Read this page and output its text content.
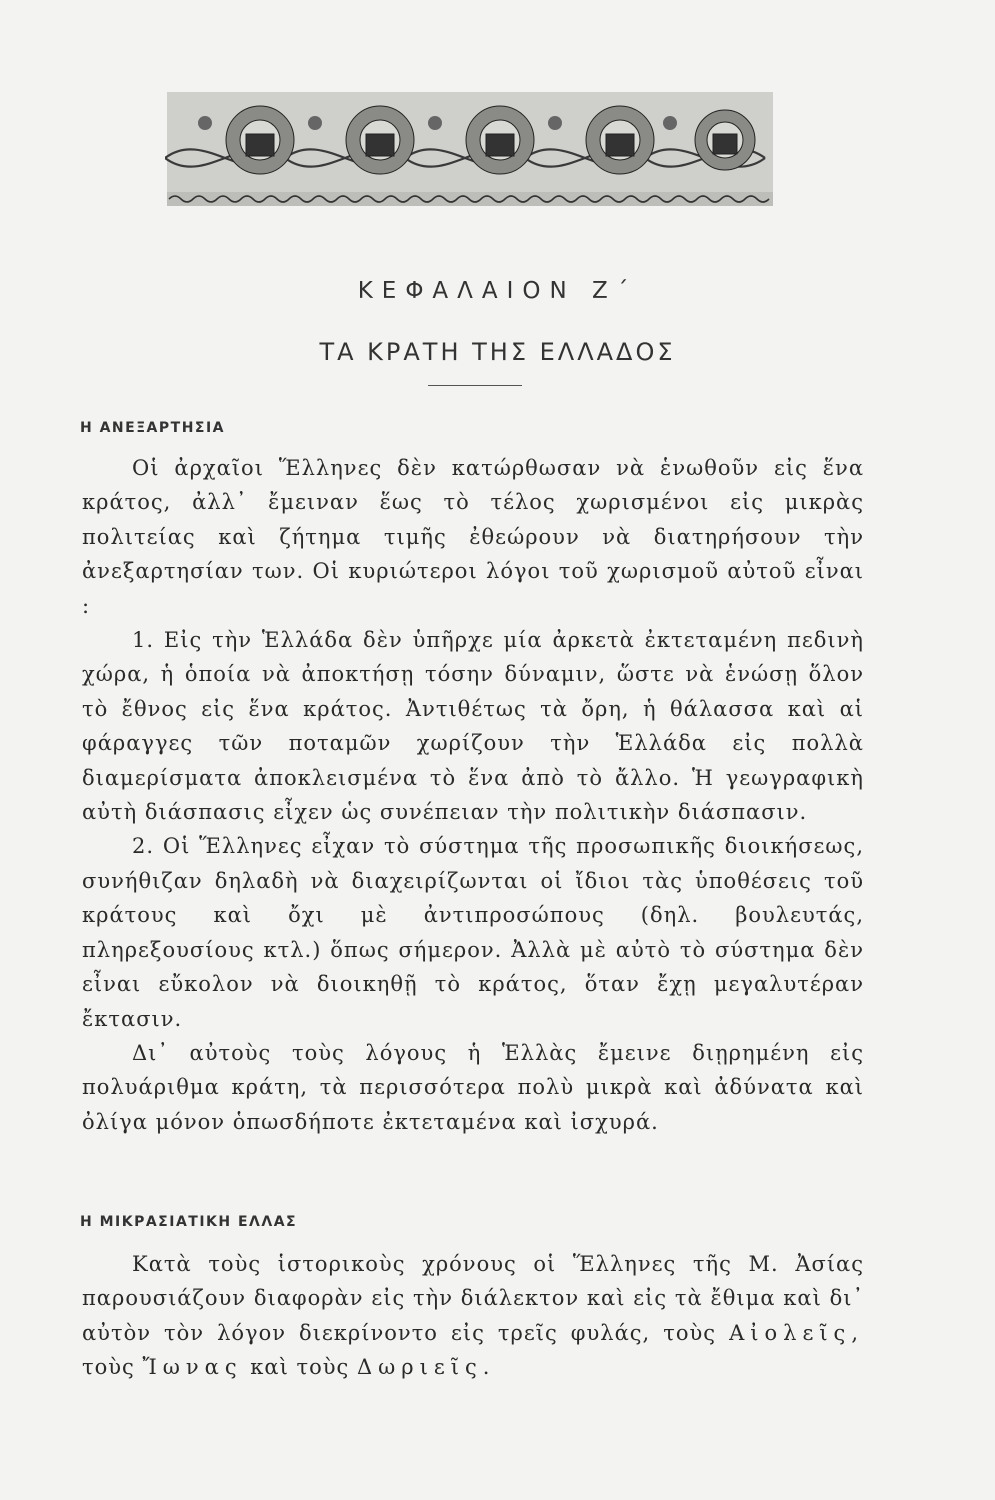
ΚΕΦΑΛΑΙΟΝ Ζ΄
ΤΑ ΚΡΑΤΗ ΤΗΣ ΕΛΛΑΔΟΣ
Η ΑΝΕΞΑΡΤΗΣΙΑ

Οἱ ἀρχαῖοι Ἕλληνες δὲν κατώρθωσαν νὰ ἑνωθοῦν εἰς ἕνα κράτος, ἀλλ᾽ ἔμειναν ἕως τὸ τέλος χωρισμένοι εἰς μικρὰς πολιτείας καὶ ζήτημα τιμῆς ἐθεώρουν νὰ διατηρήσουν τὴν ἀνεξαρτησίαν των. Οἱ κυριώτεροι λόγοι τοῦ χωρισμοῦ αὐτοῦ εἶναι :

1. Εἰς τὴν Ἑλλάδα δὲν ὑπῆρχε μία ἀρκετὰ ἐκτεταμένη πεδινὴ χώρα, ἡ ὁποία νὰ ἀποκτήσῃ τόσην δύναμιν, ὥστε νὰ ἑνώσῃ ὅλον τὸ ἔθνος εἰς ἕνα κράτος. Ἀντιθέτως τὰ ὄρη, ἡ θάλασσα καὶ αἱ φάραγγες τῶν ποταμῶν χωρίζουν τὴν Ἑλλάδα εἰς πολλὰ διαμερίσματα ἀποκλεισμένα τὸ ἕνα ἀπὸ τὸ ἄλλο. Ἡ γεωγραφικὴ αὐτὴ διάσπασις εἶχεν ὡς συνέπειαν τὴν πολιτικὴν διάσπασιν.

2. Οἱ Ἕλληνες εἶχαν τὸ σύστημα τῆς προσωπικῆς διοικήσεως, συνήθιζαν δηλαδὴ νὰ διαχειρίζωνται οἱ ἴδιοι τὰς ὑποθέσεις τοῦ κράτους καὶ ὄχι μὲ ἀντιπροσώπους (δηλ. βουλευτάς, πληρεξουσίους κτλ.) ὅπως σήμερον. Ἀλλὰ μὲ αὐτὸ τὸ σύστημα δὲν εἶναι εὔκολον νὰ διοικηθῇ τὸ κράτος, ὅταν ἔχῃ μεγαλυτέραν ἔκτασιν.

Δι᾽ αὐτοὺς τοὺς λόγους ἡ Ἑλλὰς ἔμεινε διῃρημένη εἰς πολυάριθμα κράτη, τὰ περισσότερα πολὺ μικρὰ καὶ ἀδύνατα καὶ ὀλίγα μόνον ὁπωσδήποτε ἐκτεταμένα καὶ ἰσχυρά.

Η ΜΙΚΡΑΣΙΑΤΙΚΗ ΕΛΛΑΣ

Κατὰ τοὺς ἱστορικοὺς χρόνους οἱ Ἕλληνες τῆς Μ. Ἀσίας παρουσιάζουν διαφορὰν εἰς τὴν διάλεκτον καὶ εἰς τὰ ἔθιμα καὶ δι᾽ αὐτὸν τὸν λόγον διεκρίνοντο εἰς τρεῖς φυλάς, τοὺς Αἰολεῖς, τοὺς Ἴωνας καὶ τοὺς Δωριεῖς.
